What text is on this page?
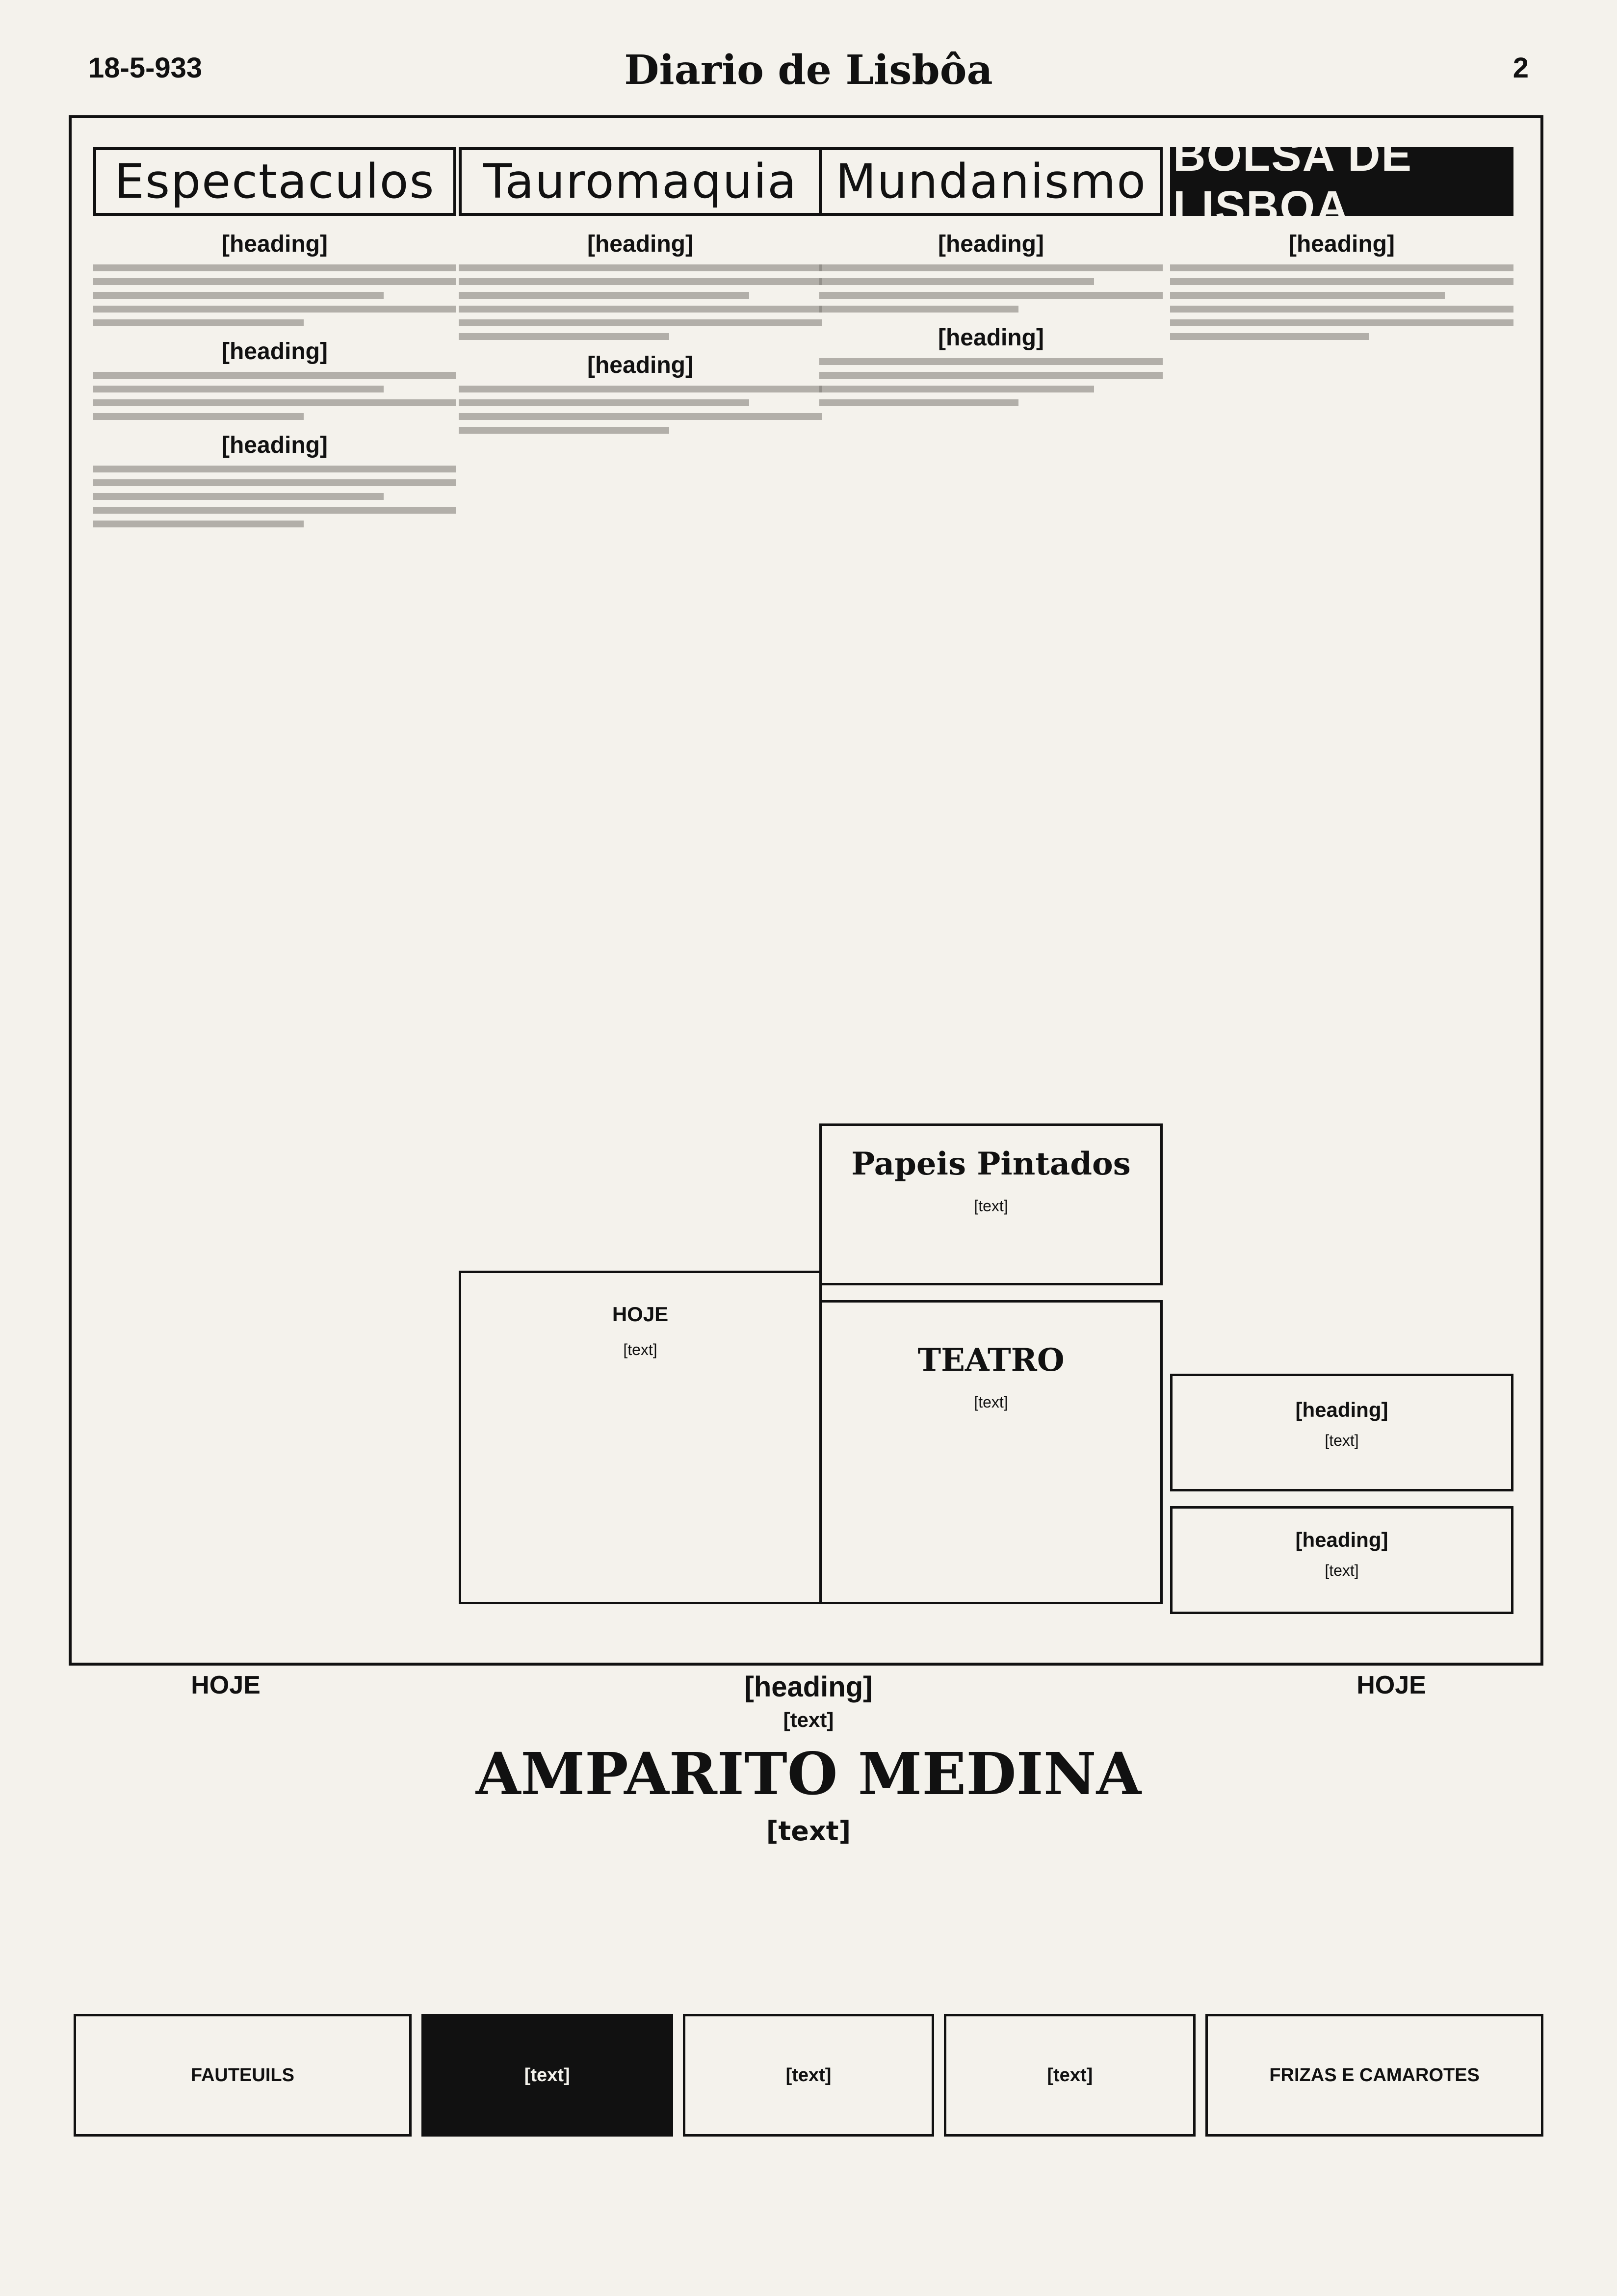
18-5-933	Diario de Lisbôa	2
Espectaculos
[heading]
[heading]
[heading]
Tauromaquia
[heading]
[heading]
Mundanismo
[heading]
[heading]
BOLSA DE LISBOA
[heading]
Papeis Pintados
[text]
TEATRO
[text]
HOJE
[text]
[heading]
[text]
[heading]
[text]
HOJE	[heading]
[text]
AMPARITO MEDINA
[text]
HOJE
FAUTEUILS	[text]	[text]	[text]	FRIZAS E CAMAROTES
